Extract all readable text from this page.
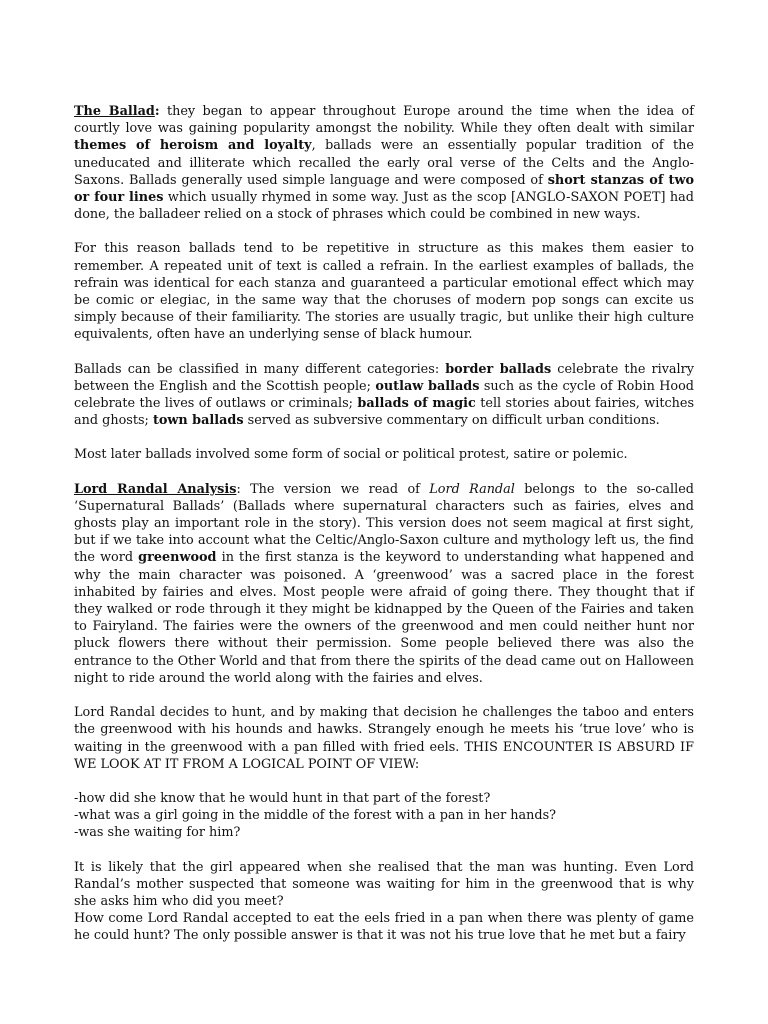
The Ballad: they began to appear throughout Europe around the time when the idea of courtly love was gaining popularity amongst the nobility. While they often dealt with similar themes of heroism and loyalty, ballads were an essentially popular tradition of the uneducated and illiterate which recalled the early oral verse of the Celts and the Anglo-Saxons. Ballads generally used simple language and were composed of short stanzas of two or four lines which usually rhymed in some way. Just as the scop [ANGLO-SAXON POET] had done, the balladeer relied on a stock of phrases which could be combined in new ways.

For this reason ballads tend to be repetitive in structure as this makes them easier to remember. A repeated unit of text is called a refrain. In the earliest examples of ballads, the refrain was identical for each stanza and guaranteed a particular emotional effect which may be comic or elegiac, in the same way that the choruses of modern pop songs can excite us simply because of their familiarity. The stories are usually tragic, but unlike their high culture equivalents, often have an underlying sense of black humour.

Ballads can be classified in many different categories: border ballads celebrate the rivalry between the English and the Scottish people; outlaw ballads such as the cycle of Robin Hood celebrate the lives of outlaws or criminals; ballads of magic tell stories about fairies, witches and ghosts; town ballads served as subversive commentary on difficult urban conditions.

Most later ballads involved some form of social or political protest, satire or polemic.

Lord Randal Analysis: The version we read of Lord Randal belongs to the so-called ‘Supernatural Ballads’ (Ballads where supernatural characters such as fairies, elves and ghosts play an important role in the story). This version does not seem magical at first sight, but if we take into account what the Celtic/Anglo-Saxon culture and mythology left us, the find the word greenwood in the first stanza is the keyword to understanding what happened and why the main character was poisoned. A ‘greenwood’ was a sacred place in the forest inhabited by fairies and elves. Most people were afraid of going there. They thought that if they walked or rode through it they might be kidnapped by the Queen of the Fairies and taken to Fairyland. The fairies were the owners of the greenwood and men could neither hunt nor pluck flowers there without their permission. Some people believed there was also the entrance to the Other World and that from there the spirits of the dead came out on Halloween night to ride around the world along with the fairies and elves.

Lord Randal decides to hunt, and by making that decision he challenges the taboo and enters the greenwood with his hounds and hawks. Strangely enough he meets his ‘true love’ who is waiting in the greenwood with a pan filled with fried eels. THIS ENCOUNTER IS ABSURD IF WE LOOK AT IT FROM A LOGICAL POINT OF VIEW:

-how did she know that he would hunt in that part of the forest?
-what was a girl going in the middle of the forest with a pan in her hands?
-was she waiting for him?

It is likely that the girl appeared when she realised that the man was hunting. Even Lord Randal’s mother suspected that someone was waiting for him in the greenwood that is why she asks him who did you meet?

How come Lord Randal accepted to eat the eels fried in a pan when there was plenty of game he could hunt? The only possible answer is that it was not his true love that he met but a fairy
